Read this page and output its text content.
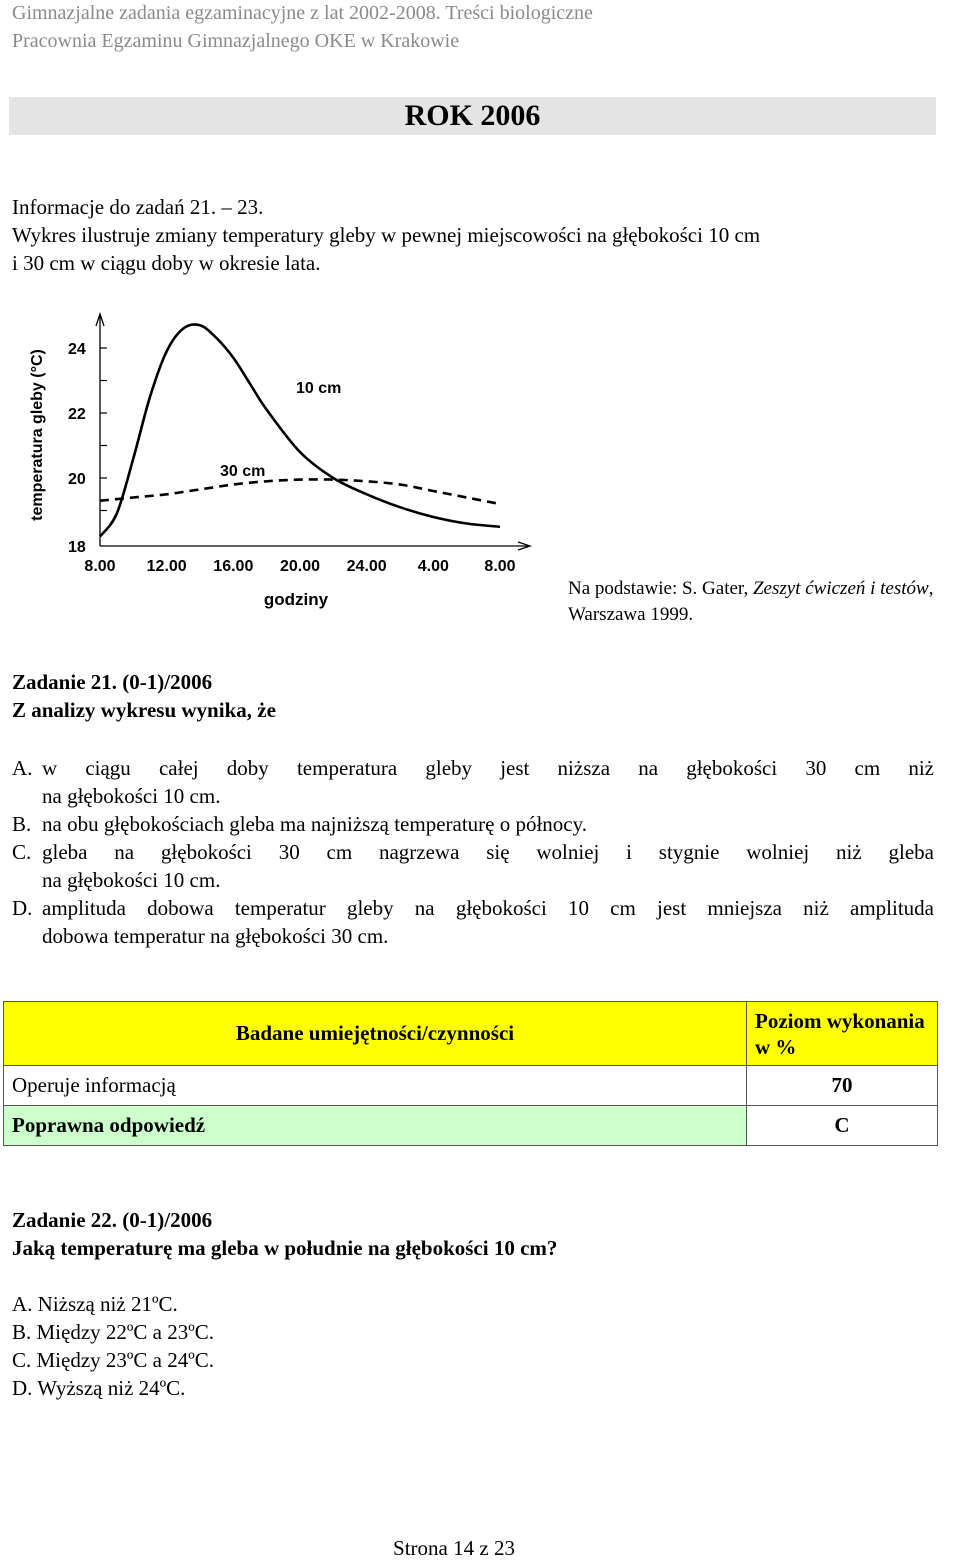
Gimnazjalne zadania egzaminacyjne z lat 2002-2008. Treści biologiczne
Pracownia Egzaminu Gimnazjalnego OKE w Krakowie
ROK 2006
Informacje do zadań 21. – 23.
Wykres ilustruje zmiany temperatury gleby w pewnej miejscowości na głębokości 10 cm
i 30 cm w ciągu doby w okresie lata.
18
20
22
24
8.00 12.00 16.00 20.00 24.00 4.00 8.00
10 cm
30 cm
godziny
temperatura gleby (°C)
Na podstawie: S. Gater, Zeszyt ćwiczeń i testów,
Warszawa 1999.
Zadanie 21. (0-1)/2006
Z analizy wykresu wynika, że
A. w ciągu całej doby temperatura gleby jest niższa na głębokości 30 cm niż
na głębokości 10 cm.
B. na obu głębokościach gleba ma najniższą temperaturę o północy.
C. gleba na głębokości 30 cm nagrzewa się wolniej i stygnie wolniej niż gleba
na głębokości 10 cm.
D. amplituda dobowa temperatur gleby na głębokości 10 cm jest mniejsza niż amplituda
dobowa temperatur na głębokości 30 cm.
Badane umiejętności/czynności	Poziom wykonania w %
Operuje informacją	70
Poprawna odpowiedź	C
Zadanie 22. (0-1)/2006
Jaką temperaturę ma gleba w południe na głębokości 10 cm?
A. Niższą niż 21ºC.
B. Między 22ºC a 23ºC.
C. Między 23ºC a 24ºC.
D. Wyższą niż 24ºC.
Strona 14 z 23
